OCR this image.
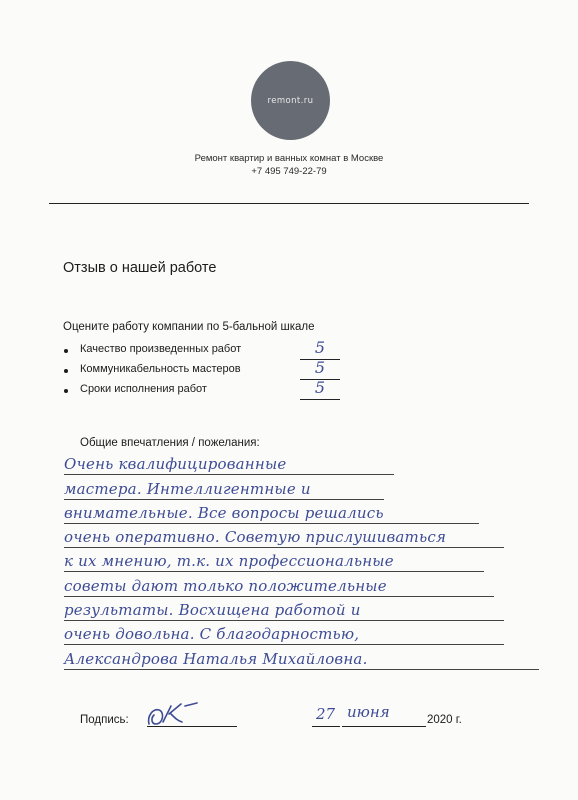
remont.ru
Ремонт квартир и ванных комнат в Москве
+7 495 749-22-79
Отзыв о нашей работе
Оцените работу компании по 5-бальной шкале
Качество произведенных работ	5
Коммуникабельность мастеров	5
Сроки исполнения работ	5
Общие впечатления / пожелания:
Очень квалифицированные
мастера. Интеллигентные и
внимательные. Все вопросы решались
очень оперативно. Советую прислушиваться
к их мнению, т.к. их профессиональные
советы дают только положительные
результаты. Восхищена работой и
очень довольна. С благодарностью,
Александрова Наталья Михайловна.
Подпись:	27 июня	2020 г.
